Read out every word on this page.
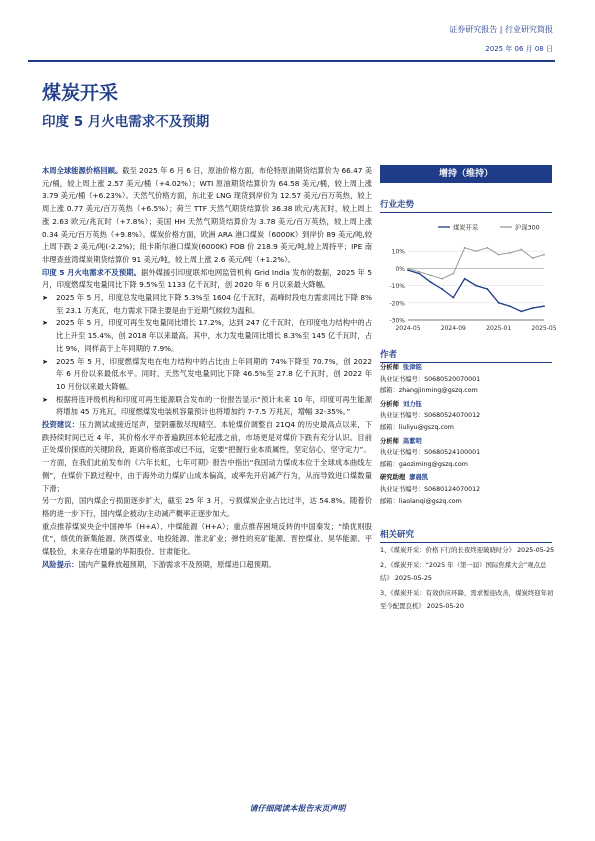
证券研究报告 | 行业研究简报
2025 年 06 月 08 日
煤炭开采
印度 5 月火电需求不及预期

本周全球能源价格回顾。截至 2025 年 6 月 6 日，原油价格方面，布伦特原油期货结算价为 66.47 美元/桶，较上周上涨 2.57 美元/桶（+4.02%）；WTI 原油期货结算价为 64.58 美元/桶，较上周上涨 3.79 美元/桶（+6.23%）。天然气价格方面，东北亚 LNG 现货到岸价为 12.57 美元/百万英热，较上周上涨 0.77 美元/百万英热（+6.5%）；荷兰 TTF 天然气期货结算价 36.38 欧元/兆瓦时，较上周上涨 2.63 欧元/兆瓦时（+7.8%）；美国 HH 天然气期货结算价为 3.78 美元/百万英热，较上周上涨 0.34 美元/百万英热（+9.8%）。煤炭价格方面，欧洲 ARA 港口煤炭（6000K）到岸价 89 美元/吨,较上周下跌 2 美元/吨(-2.2%)；纽卡斯尔港口煤炭(6000K) FOB 价 218.9 美元/吨,较上周持平；IPE 南非理查兹湾煤炭期货结算价 91 美元/吨，较上周上涨 2.6 美元/吨（+1.2%）。

印度 5 月火电需求不及预期。据外媒援引印度联邦电网监管机构 Grid India 发布的数据，2025 年 5 月，印度燃煤发电量同比下降 9.5%至 1133 亿千瓦时，创 2020 年 6 月以来最大降幅。

➤	2025 年 5 月，印度总发电量同比下降 5.3%至 1604 亿千瓦时，高峰时段电力需求同比下降 8%至 23.1 万兆瓦，电力需求下降主要是由于近期气候较为温和。
➤	2025 年 5 月，印度可再生发电量同比增长 17.2%，达到 247 亿千瓦时，在印度电力结构中的占比上升至 15.4%，创 2018 年以来最高。其中，水力发电量同比增长 8.3%至 145 亿千瓦时，占比 9%，同样高于上年同期的 7.9%。
➤	2025 年 5 月，印度燃煤发电在电力结构中的占比由上年同期的 74%下降至 70.7%，创 2022 年 6 月份以来最低水平。同时，天然气发电量同比下降 46.5%至 27.8 亿千瓦时，创 2022 年 10 月份以来最大降幅。
➤	根据将连评级机构和印度可再生能源联合发布的一份报告显示“预计未来 10 年，印度可再生能源将增加 45 万兆瓦，印度燃煤发电装机容量预计也将增加约 7-7.5 万兆瓦，增幅 32-35%。”

投资建议：压力测试或接近尾声，望阴霾散尽现晴空。本轮煤价调整自 21Q4 的历史最高点以来，下跌持续时间已近 4 年，其价格水平亦普遍跌回本轮起涨之前，市场更是对煤价下跌有充分认识。目前正处煤价探底的关键阶段，距离价格底部或已不远，定要“把握行业本质属性，坚定信心，坚守定力”。

一方面，在我们此前发布的《六年长虹，七年可期》报告中指出“我国动力煤成本位于全球成本曲线左侧”，在煤价下跌过程中，由于海外动力煤矿山成本偏高，或率先开启减产行为，从而导致进口煤数量下滑；

另一方面，国内煤企亏损面逐步扩大，截至 25 年 3 月，亏损煤炭企业占比过半，达 54.8%。随着价格的进一步下行，国内煤企被动/主动减产概率正逐步加大。

重点推荐煤炭央企中国神华（H+A）、中煤能源（H+A）；重点推荐困境反转的中国秦发；“绩优则股优”，绩优的新集能源、陕西煤业、电投能源、淮北矿业；弹性的兖矿能源、晋控煤业、昊华能源、平煤股份，未来存在增量的华阳股份、甘肃能化。

风险提示：国内产量释放超预期，下游需求不及预期，原煤进口超预期。

增持（维持）
行业走势
10%
0%
-10%
-20%
-30%
2024-05	2024-09	2025-01	2025-05
煤炭开采	沪深300
作者
分析师 张津铭
执业证书编号：S0680520070001
邮箱：zhangjinming@gszq.com
分析师 刘力钰
执业证书编号：S0680524070012
邮箱：liuliyu@gszq.com
分析师 高紫明
执业证书编号：S0680524100001
邮箱：gaoziming@gszq.com
研究助理 廖晨凯
执业证书编号：S0680124070012
邮箱：liaolanqi@gszq.com
相关研究
1、《煤炭开采：价格下行的长夜终迎破晓时分》 2025-05-25
2、《煤炭开采：“2025 年（第一届）国际焦煤大会”观点总结》 2025-05-25
3、《煤炭开采：有效供应环降，需求暂迎改善，煤炭终迎年初至今配置良机》 2025-05-20
请仔细阅读本报告末页声明
